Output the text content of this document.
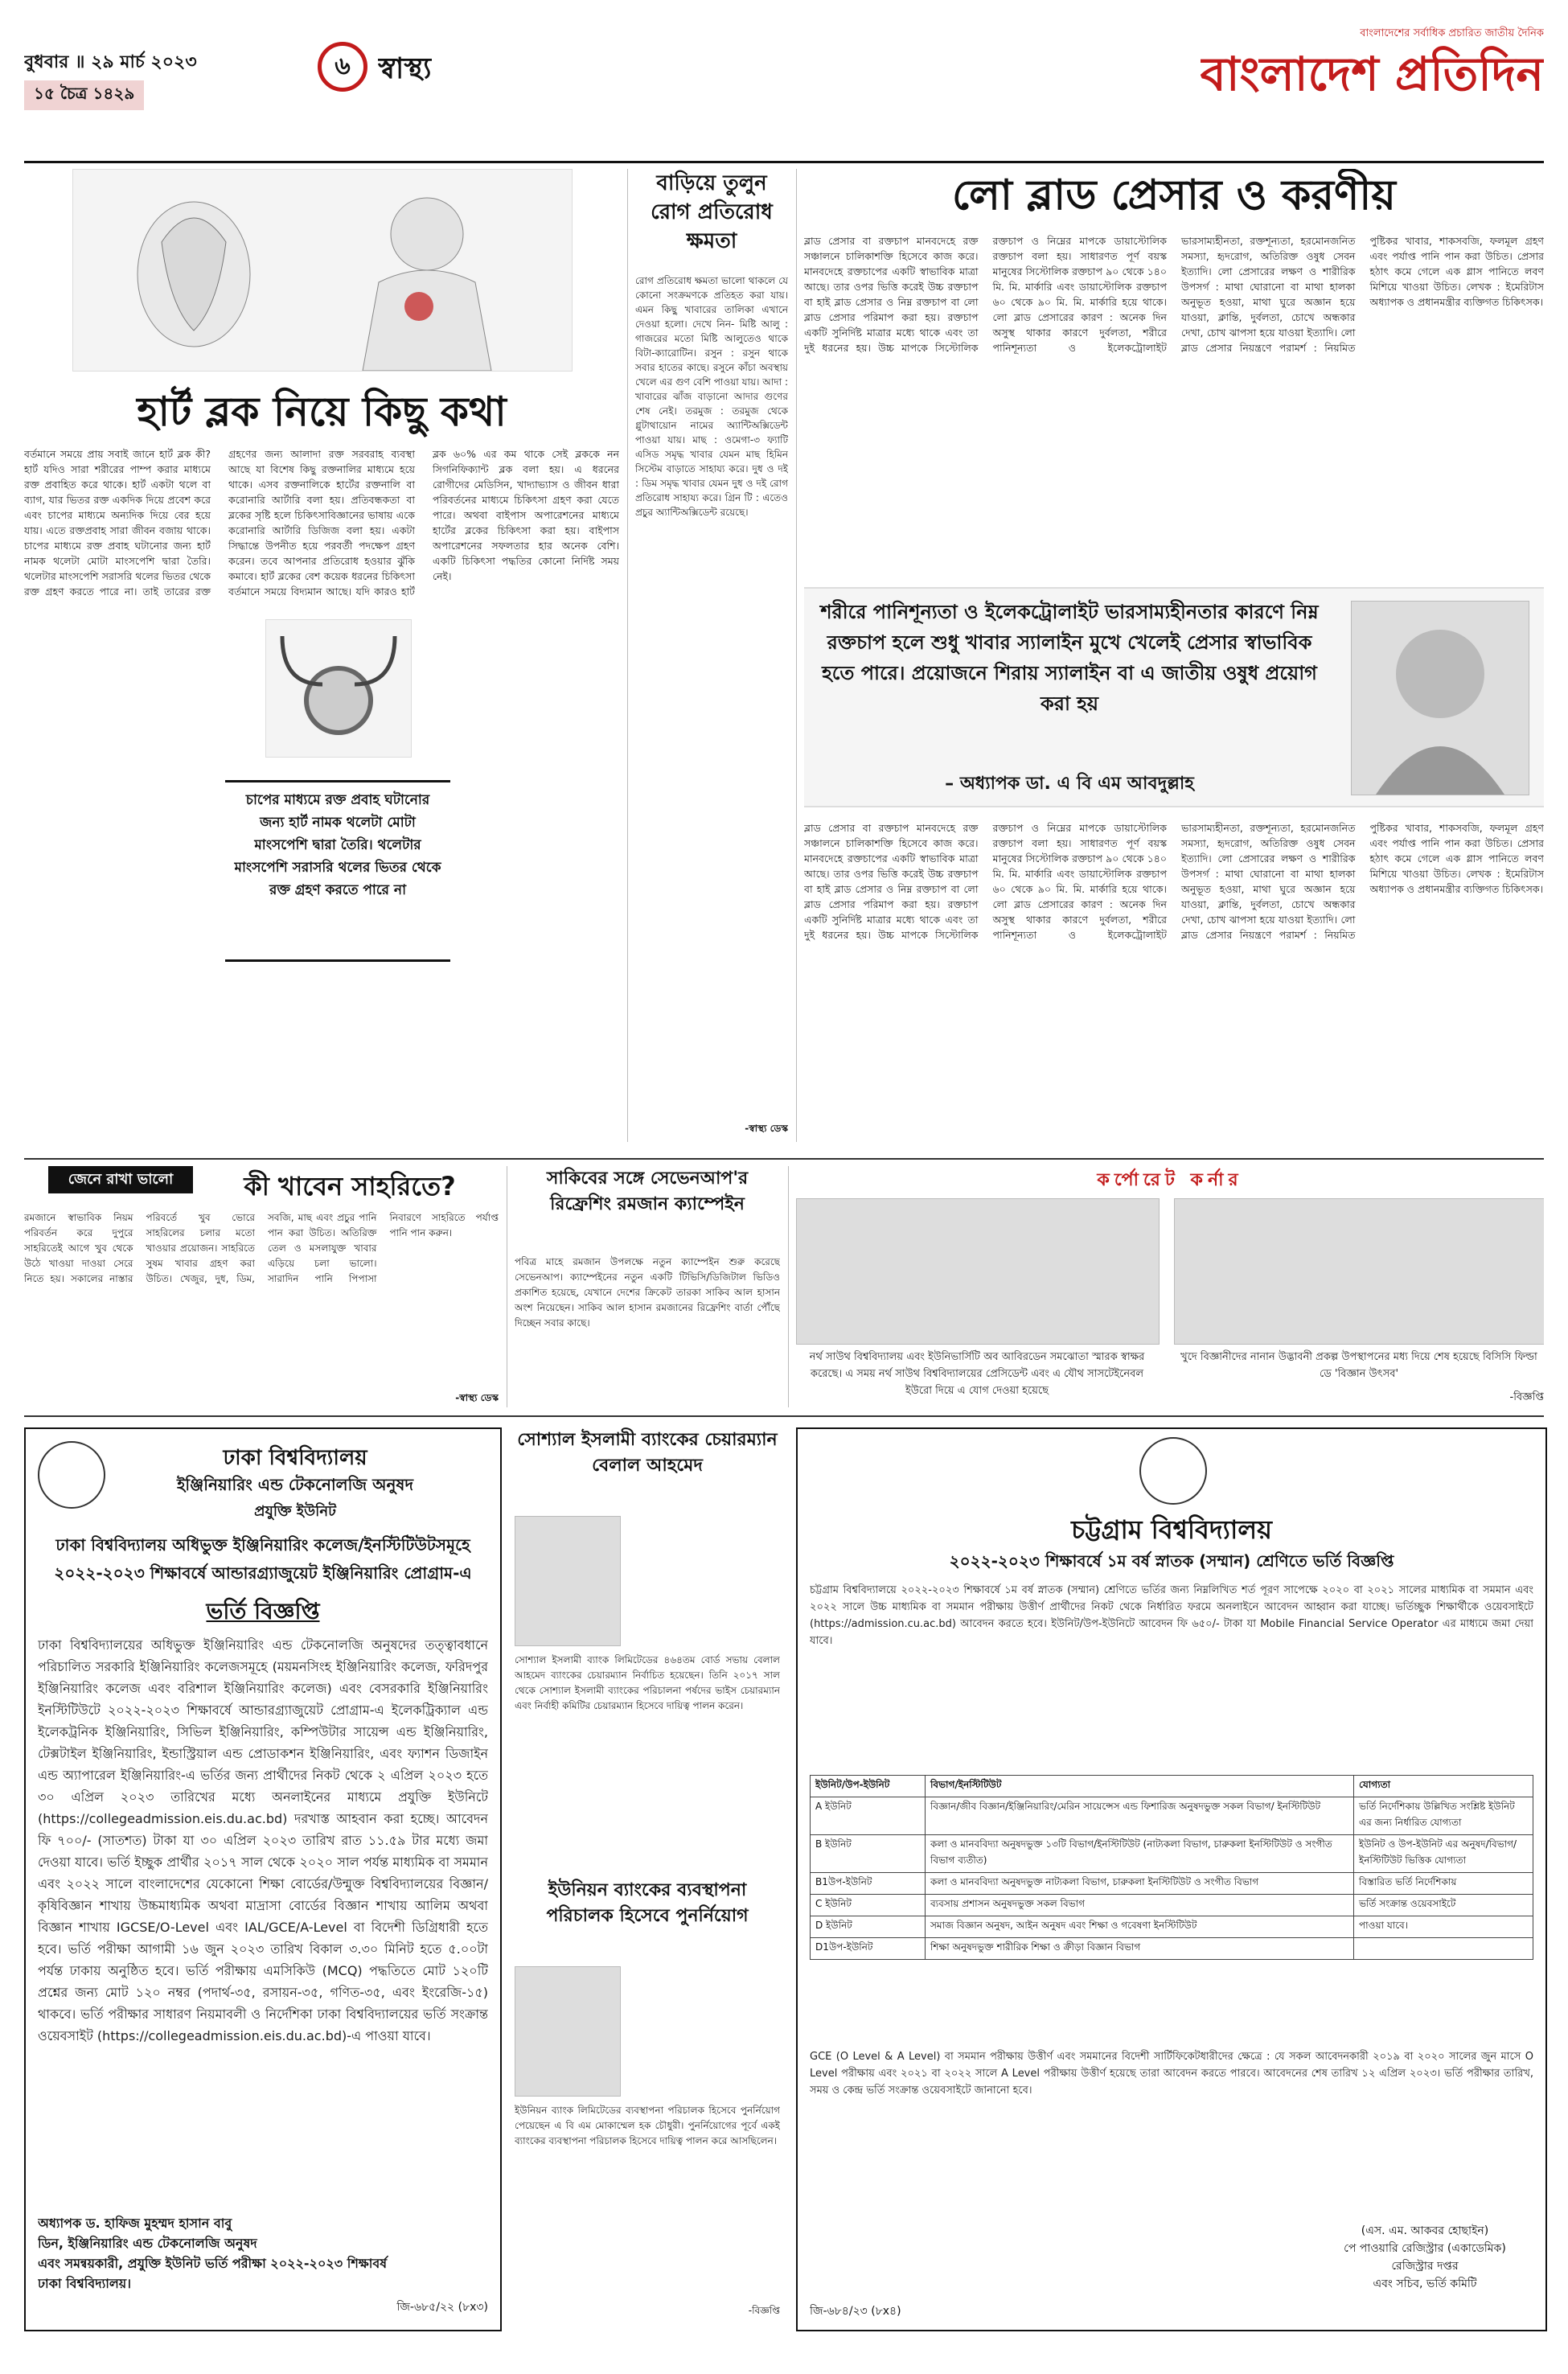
বুধবার ॥ ২৯ মার্চ ২০২৩
১৫ চৈত্র ১৪২৯
৬ স্বাস্থ্য
বাংলাদেশের সর্বাধিক প্রচারিত জাতীয় দৈনিক
বাংলাদেশ প্রতিদিন
হার্ট ব্লক নিয়ে কিছু কথা
বর্তমানে সময়ে প্রায় সবাই জানে হার্ট ব্লক কী? হার্ট যদিও সারা শরীরের পাম্প করার মাধ্যমে রক্ত প্রবাহিত করে থাকে। হার্ট একটা থলে বা ব্যাগ, যার ভিতর রক্ত একদিক দিয়ে প্রবেশ করে এবং চাপের মাধ্যমে অন্যদিক দিয়ে বের হয়ে যায়। এতে রক্তপ্রবাহ সারা জীবন বজায় থাকে। চাপের মাধ্যমে রক্ত প্রবাহ ঘটানোর জন্য হার্ট নামক থলেটা মোটা মাংসপেশি দ্বারা তৈরি। থলেটার মাংসপেশি সরাসরি থলের ভিতর থেকে রক্ত গ্রহণ করতে পারে না। তাই তারের রক্ত গ্রহণের জন্য আলাদা রক্ত সরবরাহ ব্যবস্থা আছে যা বিশেষ কিছু রক্তনালির মাধ্যমে হয়ে থাকে। এসব রক্তনালিকে হার্টের রক্তনালি বা করোনারি আর্টারি বলা হয়। প্রতিবন্ধকতা বা ব্লকের সৃষ্টি হলে চিকিৎসাবিজ্ঞানের ভাষায় একে করোনারি আর্টারি ডিজিজ বলা হয়। একটা সিদ্ধান্তে উপনীত হয়ে পরবর্তী পদক্ষেপ গ্রহণ করেন। তবে আপনার প্রতিরোধ হওয়ার ঝুঁকি কমাবে। হার্ট ব্লকের বেশ কয়েক ধরনের চিকিৎসা বর্তমানে সময়ে বিদ্যমান আছে। যদি কারও হার্ট ব্লক ৬০% এর কম থাকে সেই ব্লককে নন সিগনিফিক্যান্ট ব্লক বলা হয়। এ ধরনের রোগীদের মেডিসিন, খাদ্যাভ্যাস ও জীবন ধারা পরিবর্তনের মাধ্যমে চিকিৎসা গ্রহণ করা যেতে পারে। অথবা বাইপাস অপারেশনের মাধ্যমে হার্টের ব্লকের চিকিৎসা করা হয়। বাইপাস অপারেশনের সফলতার হার অনেক বেশি। একটি চিকিৎসা পদ্ধতির কোনো নির্দিষ্ট সময় নেই।
চাপের মাধ্যমে রক্ত প্রবাহ ঘটানোর জন্য হার্ট নামক থলেটা মোটা মাংসপেশি দ্বারা তৈরি। থলেটার মাংসপেশি সরাসরি থলের ভিতর থেকে রক্ত গ্রহণ করতে পারে না
বাড়িয়ে তুলুন রোগ প্রতিরোধ ক্ষমতা
রোগ প্রতিরোধ ক্ষমতা ভালো থাকলে যে কোনো সংক্রমণকে প্রতিহত করা যায়। এমন কিছু খাবারের তালিকা এখানে দেওয়া হলো। দেখে নিন- মিষ্টি আলু : গাজরের মতো মিষ্টি আলুতেও থাকে বিটা-ক্যারোটিন। রসুন : রসুন থাকে সবার হাতের কাছে। রসুনে কাঁচা অবস্থায় খেলে এর গুণ বেশি পাওয়া যায়। আদা : খাবারের ঝাঁজ বাড়ানো আদার গুণের শেষ নেই। তরমুজ : তরমুজ থেকে গ্লুটাথায়োন নামের অ্যান্টিঅক্সিডেন্ট পাওয়া যায়। মাছ : ওমেগা-৩ ফ্যাটি এসিড সমৃদ্ধ খাবার যেমন মাছ হিমিন সিস্টেম বাড়াতে সাহায্য করে। দুধ ও দই : ডিম সমৃদ্ধ খাবার যেমন দুধ ও দই রোগ প্রতিরোধ সাহায্য করে। গ্রিন টি : এতেও প্রচুর অ্যান্টিঅক্সিডেন্ট রয়েছে।
-স্বাস্থ্য ডেস্ক
লো ব্লাড প্রেসার ও করণীয়
ব্লাড প্রেসার বা রক্তচাপ মানবদেহে রক্ত সঞ্চালনে চালিকাশক্তি হিসেবে কাজ করে। মানবদেহে রক্তচাপের একটি স্বাভাবিক মাত্রা আছে। তার ওপর ভিত্তি করেই উচ্চ রক্তচাপ বা হাই ব্লাড প্রেসার ও নিম্ন রক্তচাপ বা লো ব্লাড প্রেসার পরিমাপ করা হয়। রক্তচাপ একটি সুনির্দিষ্ট মাত্রার মধ্যে থাকে এবং তা দুই ধরনের হয়। উচ্চ মাপকে সিস্টোলিক রক্তচাপ ও নিম্নের মাপকে ডায়াস্টোলিক রক্তচাপ বলা হয়। সাধারণত পূর্ণ বয়স্ক মানুষের সিস্টোলিক রক্তচাপ ৯০ থেকে ১৪০ মি. মি. মার্কারি এবং ডায়াস্টোলিক রক্তচাপ ৬০ থেকে ৯০ মি. মি. মার্কারি হয়ে থাকে। লো ব্লাড প্রেসারের কারণ : অনেক দিন অসুস্থ থাকার কারণে দুর্বলতা, শরীরে পানিশূন্যতা ও ইলেকট্রোলাইট ভারসাম্যহীনতা, রক্তশূন্যতা, হরমোনজনিত সমস্যা, হৃদরোগ, অতিরিক্ত ওষুধ সেবন ইত্যাদি। লো প্রেসারের লক্ষণ ও শারীরিক উপসর্গ : মাথা ঘোরানো বা মাথা হালকা অনুভূত হওয়া, মাথা ঘুরে অজ্ঞান হয়ে যাওয়া, ক্লান্তি, দুর্বলতা, চোখে অন্ধকার দেখা, চোখ ঝাপসা হয়ে যাওয়া ইত্যাদি। লো ব্লাড প্রেসার নিয়ন্ত্রণে পরামর্শ : নিয়মিত পুষ্টিকর খাবার, শাকসবজি, ফলমূল গ্রহণ এবং পর্যাপ্ত পানি পান করা উচিত। প্রেসার হঠাৎ কমে গেলে এক গ্লাস পানিতে লবণ মিশিয়ে খাওয়া উচিত। লেখক : ইমেরিটাস অধ্যাপক ও প্রধানমন্ত্রীর ব্যক্তিগত চিকিৎসক।
শরীরে পানিশূন্যতা ও ইলেকট্রোলাইট ভারসাম্যহীনতার কারণে নিম্ন রক্তচাপ হলে শুধু খাবার স্যালাইন মুখে খেলেই প্রেসার স্বাভাবিক হতে পারে। প্রয়োজনে শিরায় স্যালাইন বা এ জাতীয় ওষুধ প্রয়োগ করা হয়
– অধ্যাপক ডা. এ বি এম আবদুল্লাহ
ব্লাড প্রেসার বা রক্তচাপ মানবদেহে রক্ত সঞ্চালনে চালিকাশক্তি হিসেবে কাজ করে। মানবদেহে রক্তচাপের একটি স্বাভাবিক মাত্রা আছে। তার ওপর ভিত্তি করেই উচ্চ রক্তচাপ বা হাই ব্লাড প্রেসার ও নিম্ন রক্তচাপ বা লো ব্লাড প্রেসার পরিমাপ করা হয়। রক্তচাপ একটি সুনির্দিষ্ট মাত্রার মধ্যে থাকে এবং তা দুই ধরনের হয়। উচ্চ মাপকে সিস্টোলিক রক্তচাপ ও নিম্নের মাপকে ডায়াস্টোলিক রক্তচাপ বলা হয়। সাধারণত পূর্ণ বয়স্ক মানুষের সিস্টোলিক রক্তচাপ ৯০ থেকে ১৪০ মি. মি. মার্কারি এবং ডায়াস্টোলিক রক্তচাপ ৬০ থেকে ৯০ মি. মি. মার্কারি হয়ে থাকে। লো ব্লাড প্রেসারের কারণ : অনেক দিন অসুস্থ থাকার কারণে দুর্বলতা, শরীরে পানিশূন্যতা ও ইলেকট্রোলাইট ভারসাম্যহীনতা, রক্তশূন্যতা, হরমোনজনিত সমস্যা, হৃদরোগ, অতিরিক্ত ওষুধ সেবন ইত্যাদি। লো প্রেসারের লক্ষণ ও শারীরিক উপসর্গ : মাথা ঘোরানো বা মাথা হালকা অনুভূত হওয়া, মাথা ঘুরে অজ্ঞান হয়ে যাওয়া, ক্লান্তি, দুর্বলতা, চোখে অন্ধকার দেখা, চোখ ঝাপসা হয়ে যাওয়া ইত্যাদি। লো ব্লাড প্রেসার নিয়ন্ত্রণে পরামর্শ : নিয়মিত পুষ্টিকর খাবার, শাকসবজি, ফলমূল গ্রহণ এবং পর্যাপ্ত পানি পান করা উচিত। প্রেসার হঠাৎ কমে গেলে এক গ্লাস পানিতে লবণ মিশিয়ে খাওয়া উচিত। লেখক : ইমেরিটাস অধ্যাপক ও প্রধানমন্ত্রীর ব্যক্তিগত চিকিৎসক।
জেনে রাখা ভালো	কী খাবেন সাহরিতে?
রমজানে স্বাভাবিক নিয়ম পরিবর্তন করে দুপুরে সাহরিতেই আগে খুব থেকে উঠে খাওয়া দাওয়া সেরে নিতে হয়। সকালের নাস্তার পরিবর্তে খুব ভোরে সাহরিলের চলার মতো খাওয়ার প্রয়োজন। সাহরিতে সুষম খাবার গ্রহণ করা উচিত। খেজুর, দুধ, ডিম, সবজি, মাছ এবং প্রচুর পানি পান করা উচিত। অতিরিক্ত তেল ও মসলাযুক্ত খাবার এড়িয়ে চলা ভালো। সারাদিন পানি পিপাসা নিবারণে সাহরিতে পর্যাপ্ত পানি পান করুন।
-স্বাস্থ্য ডেস্ক
সাকিবের সঙ্গে সেভেনআপ'র রিফ্রেশিং রমজান ক্যাম্পেইন
পবিত্র মাহে রমজান উপলক্ষে নতুন ক্যাম্পেইন শুরু করেছে সেভেনআপ। ক্যাম্পেইনের নতুন একটি টিভিসি/ডিজিটাল ভিডিও প্রকাশিত হয়েছে, যেখানে দেশের ক্রিকেট তারকা সাকিব আল হাসান অংশ নিয়েছেন। সাকিব আল হাসান রমজানের রিফ্রেশিং বার্তা পৌঁছে দিচ্ছেন সবার কাছে।
কর্পোরেট কর্নার
নর্থ সাউথ বিশ্ববিদ্যালয় এবং ইউনিভার্সিটি অব আবিরডেন সমঝোতা স্মারক স্বাক্ষর করেছে। এ সময় নর্থ সাউথ বিশ্ববিদ্যালয়ের প্রেসিডেন্ট এবং এ যৌথ সাসটেইনেবল ইউরো দিয়ে এ যোগ দেওয়া হয়েছে
খুদে বিজ্ঞানীদের নানান উদ্ভাবনী প্রকল্প উপস্থাপনের মধ্য দিয়ে শেষ হয়েছে বিসিসি ফিল্ডা ডে 'বিজ্ঞান উৎসব'
-বিজ্ঞপ্তি
ঢাকা বিশ্ববিদ্যালয়
ইঞ্জিনিয়ারিং এন্ড টেকনোলজি অনুষদ
প্রযুক্তি ইউনিট
ঢাকা বিশ্ববিদ্যালয় অধিভুক্ত ইঞ্জিনিয়ারিং কলেজ/ইনস্টিটিউটসমূহে
২০২২-২০২৩ শিক্ষাবর্ষে আন্ডারগ্র্যাজুয়েট ইঞ্জিনিয়ারিং প্রোগ্রাম-এ
ভর্তি বিজ্ঞপ্তি
ঢাকা বিশ্ববিদ্যালয়ের অধিভুক্ত ইঞ্জিনিয়ারিং এন্ড টেকনোলজি অনুষদের তত্ত্বাবধানে পরিচালিত সরকারি ইঞ্জিনিয়ারিং কলেজসমূহে (ময়মনসিংহ ইঞ্জিনিয়ারিং কলেজ, ফরিদপুর ইঞ্জিনিয়ারিং কলেজ এবং বরিশাল ইঞ্জিনিয়ারিং কলেজ) এবং বেসরকারি ইঞ্জিনিয়ারিং ইনস্টিটিউটে ২০২২-২০২৩ শিক্ষাবর্ষে আন্ডারগ্র্যাজুয়েট প্রোগ্রাম-এ ইলেকট্রিক্যাল এন্ড ইলেকট্রনিক ইঞ্জিনিয়ারিং, সিভিল ইঞ্জিনিয়ারিং, কম্পিউটার সায়েন্স এন্ড ইঞ্জিনিয়ারিং, টেক্সটাইল ইঞ্জিনিয়ারিং, ইন্ডাস্ট্রিয়াল এন্ড প্রোডাকশন ইঞ্জিনিয়ারিং, এবং ফ্যাশন ডিজাইন এন্ড অ্যাপারেল ইঞ্জিনিয়ারিং-এ ভর্তির জন্য প্রার্থীদের নিকট থেকে ২ এপ্রিল ২০২৩ হতে ৩০ এপ্রিল ২০২৩ তারিখের মধ্যে অনলাইনের মাধ্যমে প্রযুক্তি ইউনিটে (https://collegeadmission.eis.du.ac.bd) দরখাস্ত আহবান করা হচ্ছে। আবেদন ফি ৭০০/- (সাতশত) টাকা যা ৩০ এপ্রিল ২০২৩ তারিখ রাত ১১.৫৯ টার মধ্যে জমা দেওয়া যাবে। ভর্তি ইচ্ছুক প্রার্থীর ২০১৭ সাল থেকে ২০২০ সাল পর্যন্ত মাধ্যমিক বা সমমান এবং ২০২২ সালে বাংলাদেশের যেকোনো শিক্ষা বোর্ডের/উন্মুক্ত বিশ্ববিদ্যালয়ের বিজ্ঞান/কৃষিবিজ্ঞান শাখায় উচ্চমাধ্যমিক অথবা মাদ্রাসা বোর্ডের বিজ্ঞান শাখায় আলিম অথবা বিজ্ঞান শাখায় IGCSE/O-Level এবং IAL/GCE/A-Level বা বিদেশী ডিগ্রিধারী হতে হবে। ভর্তি পরীক্ষা আগামী ১৬ জুন ২০২৩ তারিখ বিকাল ৩.৩০ মিনিট হতে ৫.০০টা পর্যন্ত ঢাকায় অনুষ্ঠিত হবে। ভর্তি পরীক্ষায় এমসিকিউ (MCQ) পদ্ধতিতে মোট ১২০টি প্রশ্নের জন্য মোট ১২০ নম্বর (পদার্থ-৩৫, রসায়ন-৩৫, গণিত-৩৫, এবং ইংরেজি-১৫) থাকবে। ভর্তি পরীক্ষার সাধারণ নিয়মাবলী ও নির্দেশিকা ঢাকা বিশ্ববিদ্যালয়ের ভর্তি সংক্রান্ত ওয়েবসাইট (https://collegeadmission.eis.du.ac.bd)-এ পাওয়া যাবে।
অধ্যাপক ড. হাফিজ মুহম্মদ হাসান বাবু
ডিন, ইঞ্জিনিয়ারিং এন্ড টেকনোলজি অনুষদ
এবং সমন্বয়কারী, প্রযুক্তি ইউনিট ভর্তি পরীক্ষা ২০২২-২০২৩ শিক্ষাবর্ষ
ঢাকা বিশ্ববিদ্যালয়।
জি-৬৮৫/২২ (৮x৩)
সোশ্যাল ইসলামী ব্যাংকের চেয়ারম্যান বেলাল আহমেদ
সোশ্যাল ইসলামী ব্যাংক লিমিটেডের ৪৬৪তম বোর্ড সভায় বেলাল আহমেদ ব্যাংকের চেয়ারম্যান নির্বাচিত হয়েছেন। তিনি ২০১৭ সাল থেকে সোশ্যাল ইসলামী ব্যাংকের পরিচালনা পর্ষদের ভাইস চেয়ারম্যান এবং নির্বাহী কমিটির চেয়ারম্যান হিসেবে দায়িত্ব পালন করেন।
ইউনিয়ন ব্যাংকের ব্যবস্থাপনা পরিচালক হিসেবে পুনর্নিয়োগ
ইউনিয়ন ব্যাংক লিমিটেডের ব্যবস্থাপনা পরিচালক হিসেবে পুনর্নিয়োগ পেয়েছেন এ বি এম মোকাম্মেল হক চৌধুরী। পুনর্নিয়োগের পূর্বে একই ব্যাংকের ব্যবস্থাপনা পরিচালক হিসেবে দায়িত্ব পালন করে আসছিলেন।
-বিজ্ঞপ্তি
চট্টগ্রাম বিশ্ববিদ্যালয়
২০২২-২০২৩ শিক্ষাবর্ষে ১ম বর্ষ স্নাতক (সম্মান) শ্রেণিতে ভর্তি বিজ্ঞপ্তি
চট্টগ্রাম বিশ্ববিদ্যালয়ে ২০২২-২০২৩ শিক্ষাবর্ষে ১ম বর্ষ স্নাতক (সম্মান) শ্রেণিতে ভর্তির জন্য নিম্নলিখিত শর্ত পূরণ সাপেক্ষে ২০২০ বা ২০২১ সালের মাধ্যমিক বা সমমান এবং ২০২২ সালে উচ্চ মাধ্যমিক বা সমমান পরীক্ষায় উত্তীর্ণ প্রার্থীদের নিকট থেকে নির্ধারিত ফরমে অনলাইনে আবেদন আহ্বান করা যাচ্ছে। ভর্তিচ্ছুক শিক্ষার্থীকে ওয়েবসাইটে (https://admission.cu.ac.bd) আবেদন করতে হবে। ইউনিট/উপ-ইউনিটে আবেদন ফি ৬৫০/- টাকা যা Mobile Financial Service Operator এর মাধ্যমে জমা দেয়া যাবে।
ইউনিট/উপ-ইউনিট	বিভাগ/ইনস্টিটিউট	যোগ্যতা
A ইউনিট	বিজ্ঞান/জীব বিজ্ঞান/ইঞ্জিনিয়ারিং/মেরিন সায়েন্সেস এন্ড ফিশারিজ অনুষদভুক্ত সকল বিভাগ/ ইনস্টিটিউট	ভর্তি নির্দেশিকায় উল্লিখিত সংশ্লিষ্ট ইউনিট এর জন্য নির্ধারিত যোগ্যতা
B ইউনিট	কলা ও মানববিদ্যা অনুষদভুক্ত ১৩টি বিভাগ/ইনস্টিটিউট (নাট্যকলা বিভাগ, চারুকলা ইনস্টিটিউট ও সংগীত বিভাগ ব্যতীত)	ইউনিট ও উপ-ইউনিট এর অনুষদ/বিভাগ/ইনস্টিটিউট ভিত্তিক যোগ্যতা
B1উপ-ইউনিট	কলা ও মানববিদ্যা অনুষদভুক্ত নাট্যকলা বিভাগ, চারুকলা ইনস্টিটিউট ও সংগীত বিভাগ	বিস্তারিত ভর্তি নির্দেশিকায়
C ইউনিট	ব্যবসায় প্রশাসন অনুষদভুক্ত সকল বিভাগ	ভর্তি সংক্রান্ত ওয়েবসাইটে
D ইউনিট	সমাজ বিজ্ঞান অনুষদ, আইন অনুষদ এবং শিক্ষা ও গবেষণা ইনস্টিটিউট	পাওয়া যাবে।
D1উপ-ইউনিট	শিক্ষা অনুষদভুক্ত শারীরিক শিক্ষা ও ক্রীড়া বিজ্ঞান বিভাগ	
GCE (O Level & A Level) বা সমমান পরীক্ষায় উত্তীর্ণ এবং সমমানের বিদেশী সার্টিফিকেটধারীদের ক্ষেত্রে : যে সকল আবেদনকারী ২০১৯ বা ২০২০ সালের জুন মাসে O Level পরীক্ষায় এবং ২০২১ বা ২০২২ সালে A Level পরীক্ষায় উত্তীর্ণ হয়েছে তারা আবেদন করতে পারবে। আবেদনের শেষ তারিখ ১২ এপ্রিল ২০২৩। ভর্তি পরীক্ষার তারিখ, সময় ও কেন্দ্র ভর্তি সংক্রান্ত ওয়েবসাইটে জানানো হবে।
(এস. এম. আকবর হোছাইন)
পে পাওয়ারি রেজিস্ট্রার (একাডেমিক)
রেজিস্ট্রার দপ্তর
এবং সচিব, ভর্তি কমিটি
জি-৬৮৪/২৩ (৮x৪)
